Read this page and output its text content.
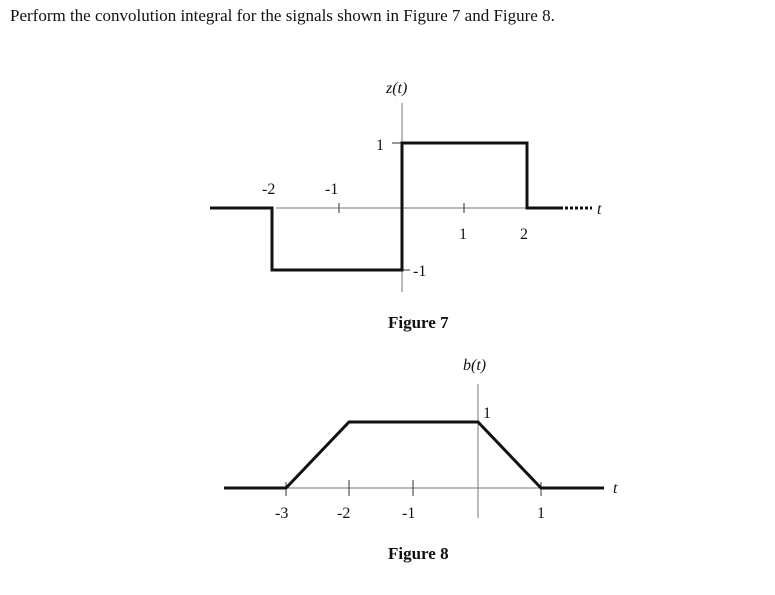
Perform the convolution integral for the signals shown in Figure 7 and Figure 8.

z(t)
t
-2	-1
1	2
1
-1
Figure 7
b(t)
t
-3	-2	-1	1
1
Figure 8
